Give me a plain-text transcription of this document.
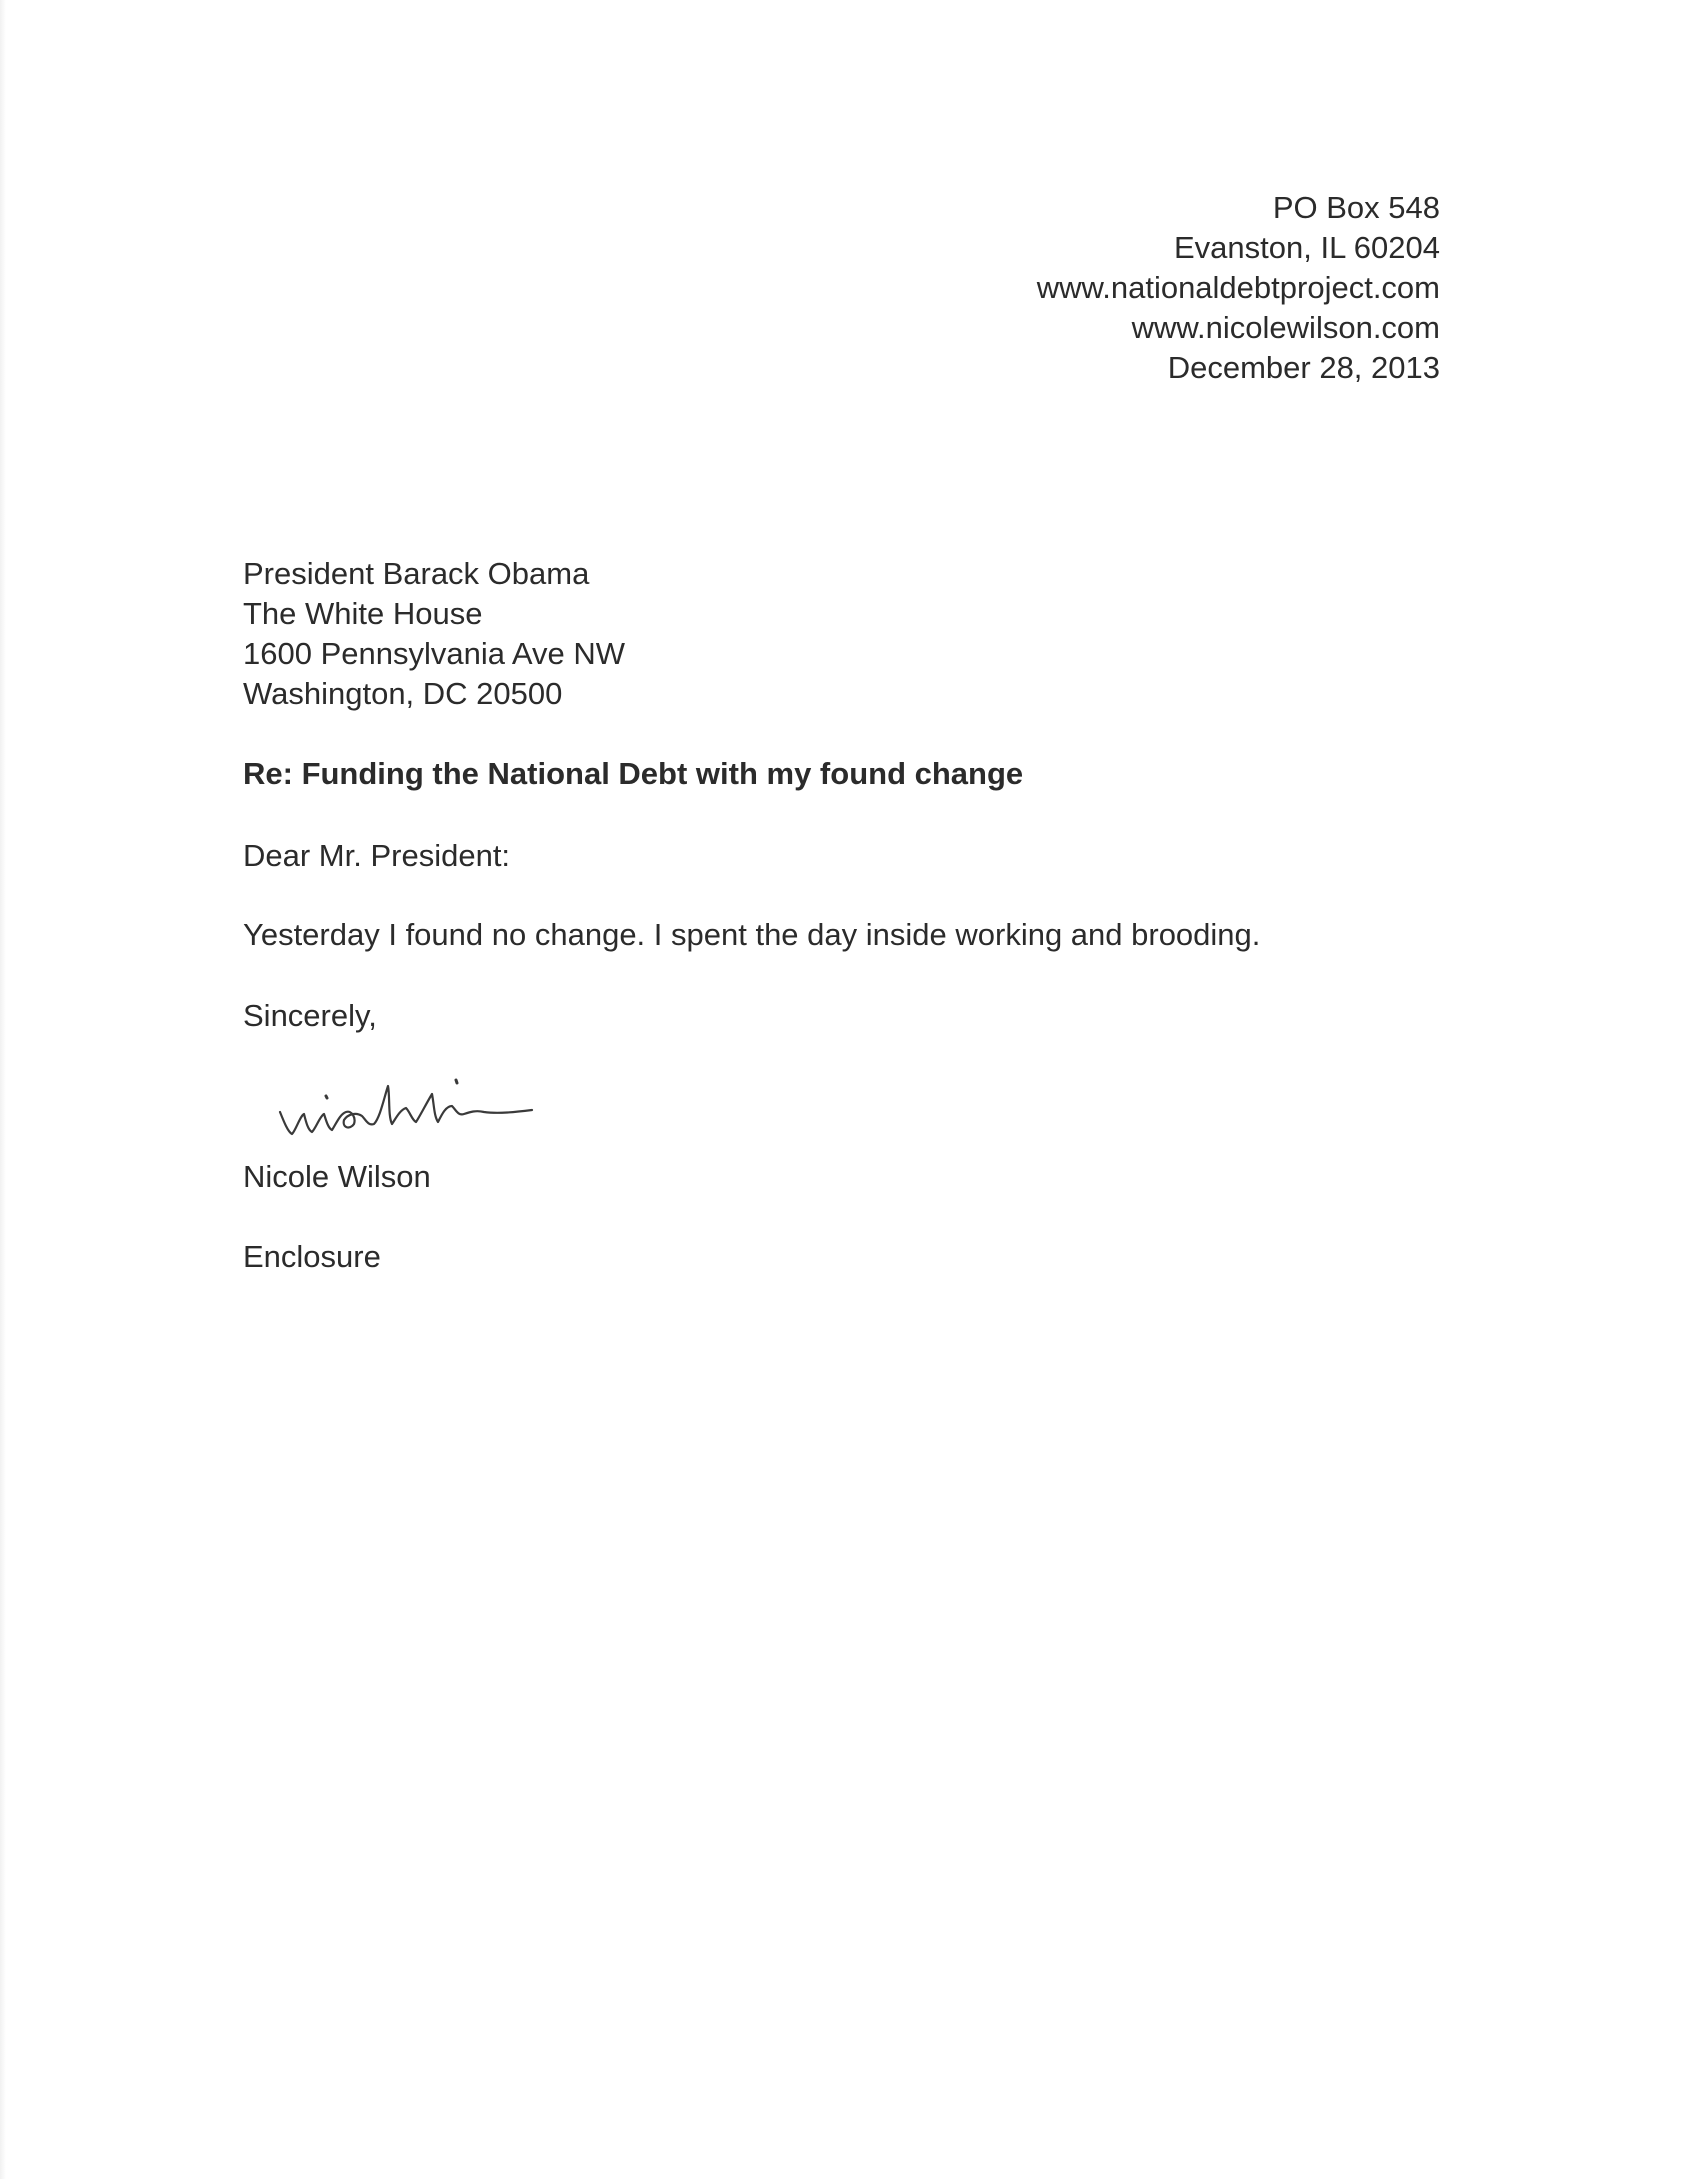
PO Box 548
Evanston, IL 60204
www.nationaldebtproject.com
www.nicolewilson.com
December 28, 2013
President Barack Obama
The White House
1600 Pennsylvania Ave NW
Washington, DC 20500
Re: Funding the National Debt with my found change
Dear Mr. President:
Yesterday I found no change. I spent the day inside working and brooding.
Sincerely,
Nicole Wilson
Enclosure
